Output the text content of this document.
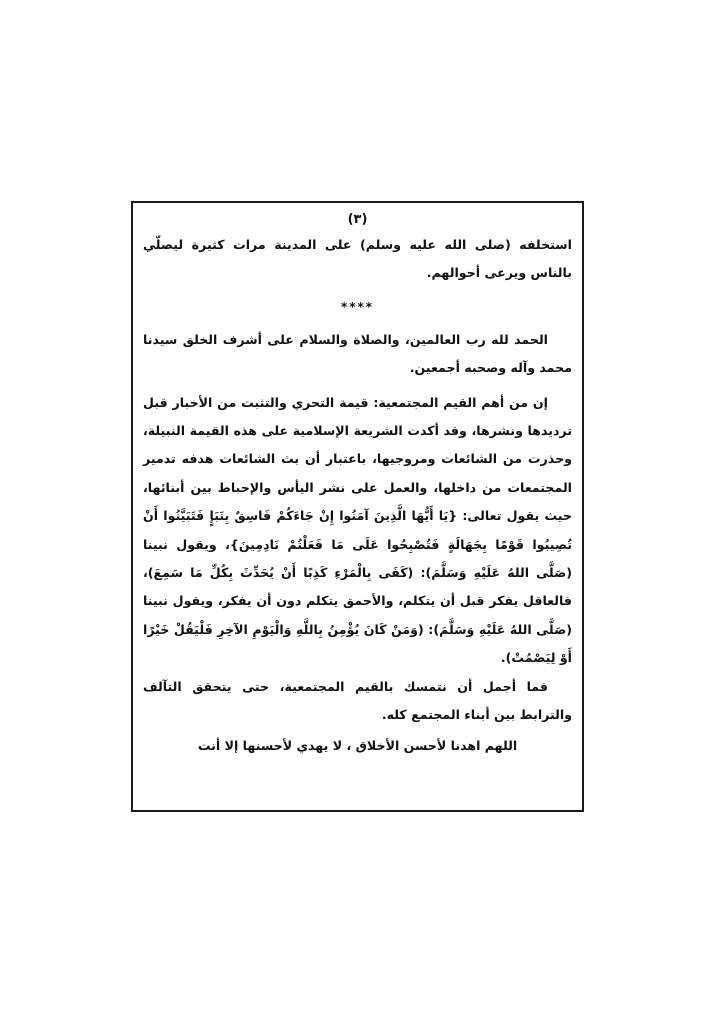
(٣)

استخلفه (صلى الله عليه وسلم) على المدينة مرات كثيرة ليصلّي بالناس ويرعى أحوالهم.

****

الحمد لله رب العالمين، والصلاة والسلام على أشرف الخلق سيدنا محمد وآله وصحبه أجمعين.

إن من أهم القيم المجتمعية: قيمة التحري والتثبت من الأخبار قبل ترديدها ونشرها، وقد أكدت الشريعة الإسلامية على هذه القيمة النبيلة، وحذرت من الشائعات ومروجيها، باعتبار أن بث الشائعات هدفه تدمير المجتمعات من داخلها، والعمل على نشر اليأس والإحباط بين أبنائها، حيث يقول تعالى: {يَا أَيُّهَا الَّذِينَ آمَنُوا إِنْ جَاءَكُمْ فَاسِقٌ بِنَبَإٍ فَتَبَيَّنُوا أَنْ تُصِيبُوا قَوْمًا بِجَهَالَةٍ فَتُصْبِحُوا عَلَى مَا فَعَلْتُمْ نَادِمِينَ}، ويقول نبينا (صَلَّى اللهُ عَلَيْهِ وَسَلَّمَ): (كَفَى بِالْمَرْءِ كَذِبًا أَنْ يُحَدِّثَ بِكُلِّ مَا سَمِعَ)، فالعاقل يفكر قبل أن يتكلم، والأحمق يتكلم دون أن يفكر، ويقول نبينا (صَلَّى اللهُ عَلَيْهِ وَسَلَّمَ): (وَمَنْ كَانَ يُؤْمِنُ بِاللَّهِ وَالْيَوْمِ الآخِرِ فَلْيَقُلْ خَيْرًا أَوْ لِيَصْمُتْ).

فما أجمل أن نتمسك بالقيم المجتمعية، حتى يتحقق التآلف والترابط بين أبناء المجتمع كله.

اللهم اهدنا لأحسن الأخلاق ، لا يهدي لأحسنها إلا أنت
